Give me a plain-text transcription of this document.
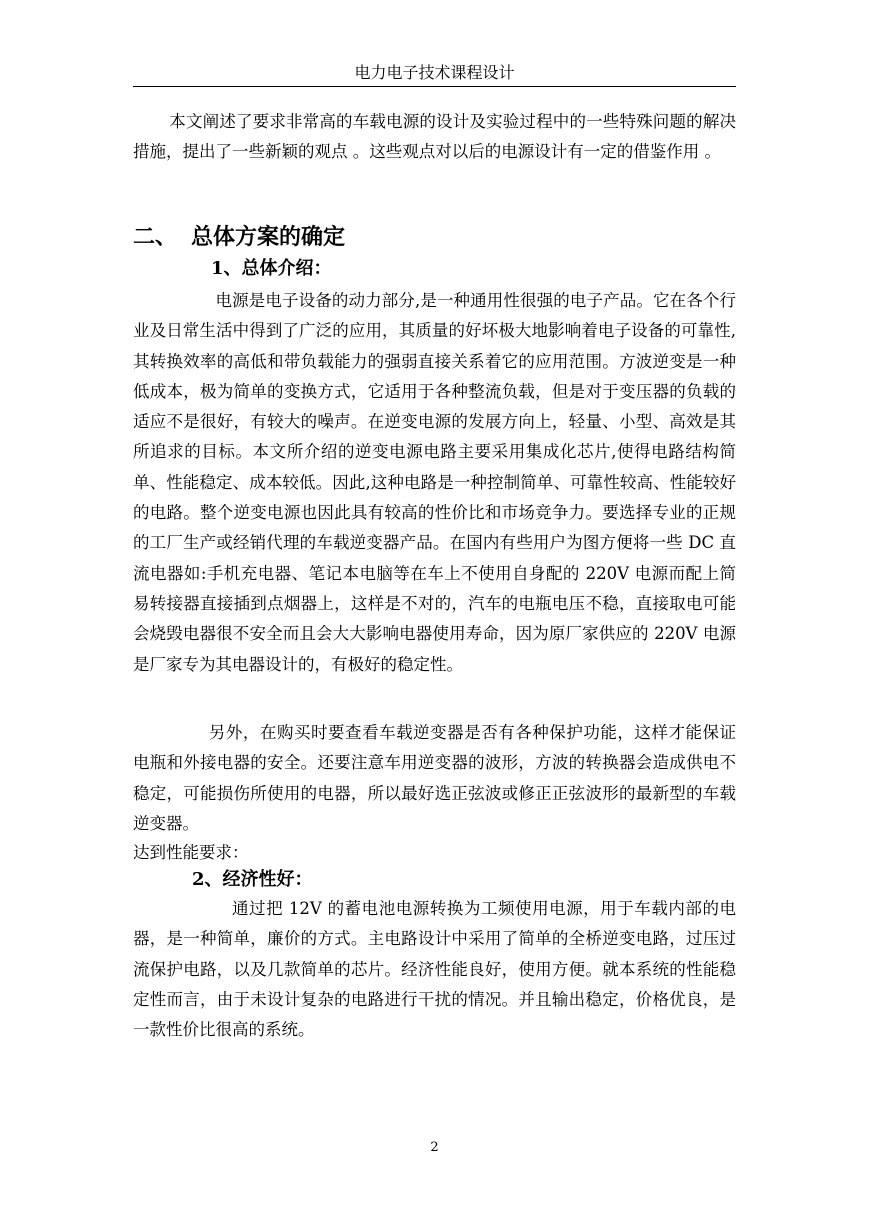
电力电子技术课程设计

本文阐述了要求非常高的车载电源的设计及实验过程中的一些特殊问题的解决措施，提出了一些新颖的观点 。这些观点对以后的电源设计有一定的借鉴作用 。

二、 总体方案的确定
1、总体介绍：

电源是电子设备的动力部分,是一种通用性很强的电子产品。它在各个行业及日常生活中得到了广泛的应用，其质量的好坏极大地影响着电子设备的可靠性,其转换效率的高低和带负载能力的强弱直接关系着它的应用范围。方波逆变是一种低成本，极为简单的变换方式，它适用于各种整流负载，但是对于变压器的负载的适应不是很好，有较大的噪声。在逆变电源的发展方向上，轻量、小型、高效是其所追求的目标。本文所介绍的逆变电源电路主要采用集成化芯片,使得电路结构简单、性能稳定、成本较低。因此,这种电路是一种控制简单、可靠性较高、性能较好的电路。整个逆变电源也因此具有较高的性价比和市场竞争力。要选择专业的正规的工厂生产或经销代理的车载逆变器产品。在国内有些用户为图方便将一些 DC 直流电器如:手机充电器、笔记本电脑等在车上不使用自身配的 220V 电源而配上简易转接器直接插到点烟器上，这样是不对的，汽车的电瓶电压不稳，直接取电可能会烧毁电器很不安全而且会大大影响电器使用寿命，因为原厂家供应的 220V 电源是厂家专为其电器设计的，有极好的稳定性。

另外，在购买时要查看车载逆变器是否有各种保护功能，这样才能保证电瓶和外接电器的安全。还要注意车用逆变器的波形，方波的转换器会造成供电不稳定，可能损伤所使用的电器，所以最好选正弦波或修正正弦波形的最新型的车载逆变器。

达到性能要求：

2、经济性好：

通过把 12V 的蓄电池电源转换为工频使用电源，用于车载内部的电器，是一种简单，廉价的方式。主电路设计中采用了简单的全桥逆变电路，过压过流保护电路，以及几款简单的芯片。经济性能良好，使用方便。就本系统的性能稳定性而言，由于未设计复杂的电路进行干扰的情况。并且输出稳定，价格优良，是一款性价比很高的系统。

2
